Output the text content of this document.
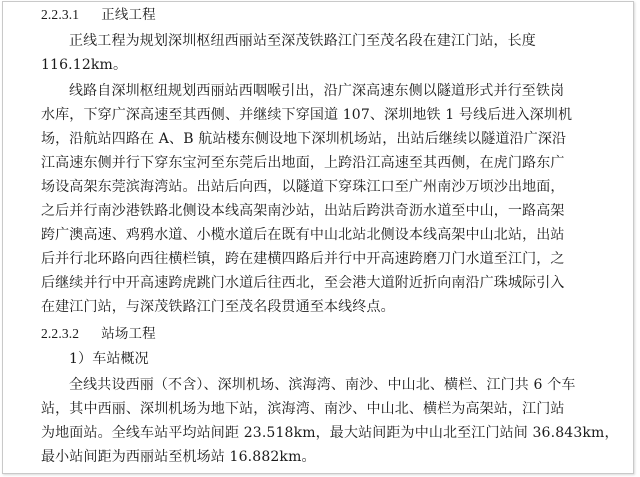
2.2.3.1 正线工程
正线工程为规划深圳枢纽西丽站至深茂铁路江门至茂名段在建江门站，长度
116.12km。
线路自深圳枢纽规划西丽站西咽喉引出，沿广深高速东侧以隧道形式并行至铁岗
水库，下穿广深高速至其西侧、并继续下穿国道 107、深圳地铁 1 号线后进入深圳机
场，沿航站四路在 A、B 航站楼东侧设地下深圳机场站，出站后继续以隧道沿广深沿
江高速东侧并行下穿东宝河至东莞后出地面，上跨沿江高速至其西侧，在虎门路东广
场设高架东莞滨海湾站。出站后向西，以隧道下穿珠江口至广州南沙万顷沙出地面，
之后并行南沙港铁路北侧设本线高架南沙站，出站后跨洪奇沥水道至中山，一路高架
跨广澳高速、鸡鸦水道、小榄水道后在既有中山北站北侧设本线高架中山北站，出站
后并行北环路向西往横栏镇，跨在建横四路后并行中开高速跨磨刀门水道至江门，之
后继续并行中开高速跨虎跳门水道后往西北，至会港大道附近折向南沿广珠城际引入
在建江门站，与深茂铁路江门至茂名段贯通至本线终点。
2.2.3.2 站场工程
1）车站概况
全线共设西丽（不含）、深圳机场、滨海湾、南沙、中山北、横栏、江门共 6 个车
站，其中西丽、深圳机场为地下站，滨海湾、南沙、中山北、横栏为高架站，江门站
为地面站。全线车站平均站间距 23.518km，最大站间距为中山北至江门站间 36.843km，
最小站间距为西丽站至机场站 16.882km。
